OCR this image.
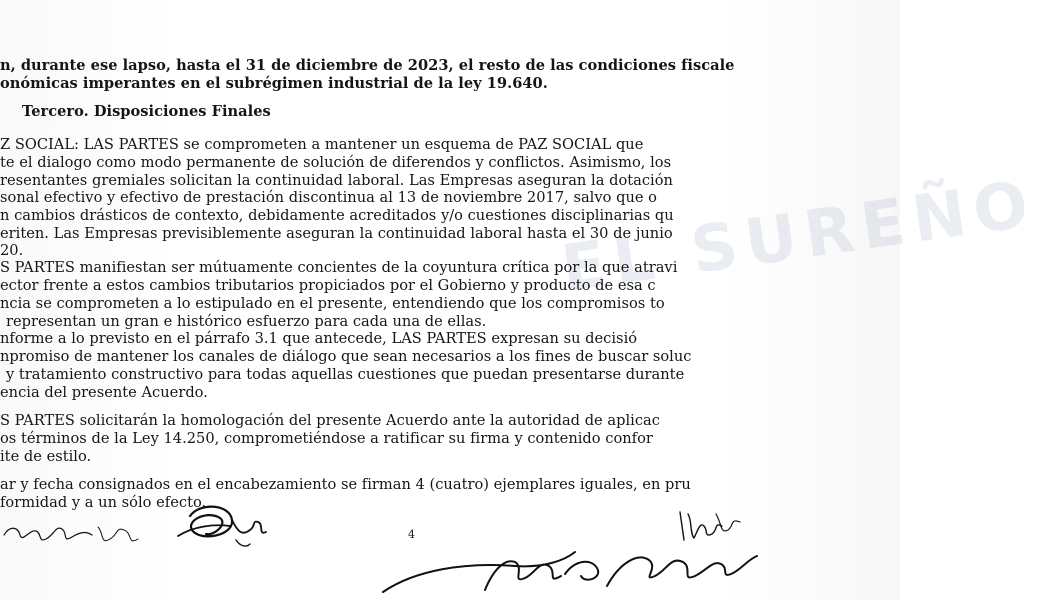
EL SUREÑO
n, durante ese lapso, hasta el 31 de diciembre de 2023, el resto de las condiciones fiscale
onómicas imperantes en el subrégimen industrial de la ley 19.640.
Tercero. Disposiciones Finales
Z SOCIAL: LAS PARTES se comprometen a mantener un esquema de PAZ SOCIAL que
te el dialogo como modo permanente de solución de diferendos y conflictos. Asimismo, los
resentantes gremiales solicitan la continuidad laboral. Las Empresas aseguran la dotación
sonal efectivo y efectivo de prestación discontinua al 13 de noviembre 2017, salvo que o
n cambios drásticos de contexto, debidamente acreditados y/o cuestiones disciplinarias qu
eriten. Las Empresas previsiblemente aseguran la continuidad laboral hasta el 30 de junio
20.
S PARTES manifiestan ser mútuamente concientes de la coyuntura crítica por la que atravi
ector frente a estos cambios tributarios propiciados por el Gobierno y producto de esa c
ncia se comprometen a lo estipulado en el presente, entendiendo que los compromisos to
representan un gran e histórico esfuerzo para cada una de ellas.
nforme a lo previsto en el párrafo 3.1 que antecede, LAS PARTES expresan su decisió
npromiso de mantener los canales de diálogo que sean necesarios a los fines de buscar soluc
y tratamiento constructivo para todas aquellas cuestiones que puedan presentarse durante
encia del presente Acuerdo.
S PARTES solicitarán la homologación del presente Acuerdo ante la autoridad de aplicac
os términos de la Ley 14.250, comprometiéndose a ratificar su firma y contenido confor
ite de estilo.
ar y fecha consignados en el encabezamiento se firman 4 (cuatro) ejemplares iguales, en pru
formidad y a un sólo efecto.
4
